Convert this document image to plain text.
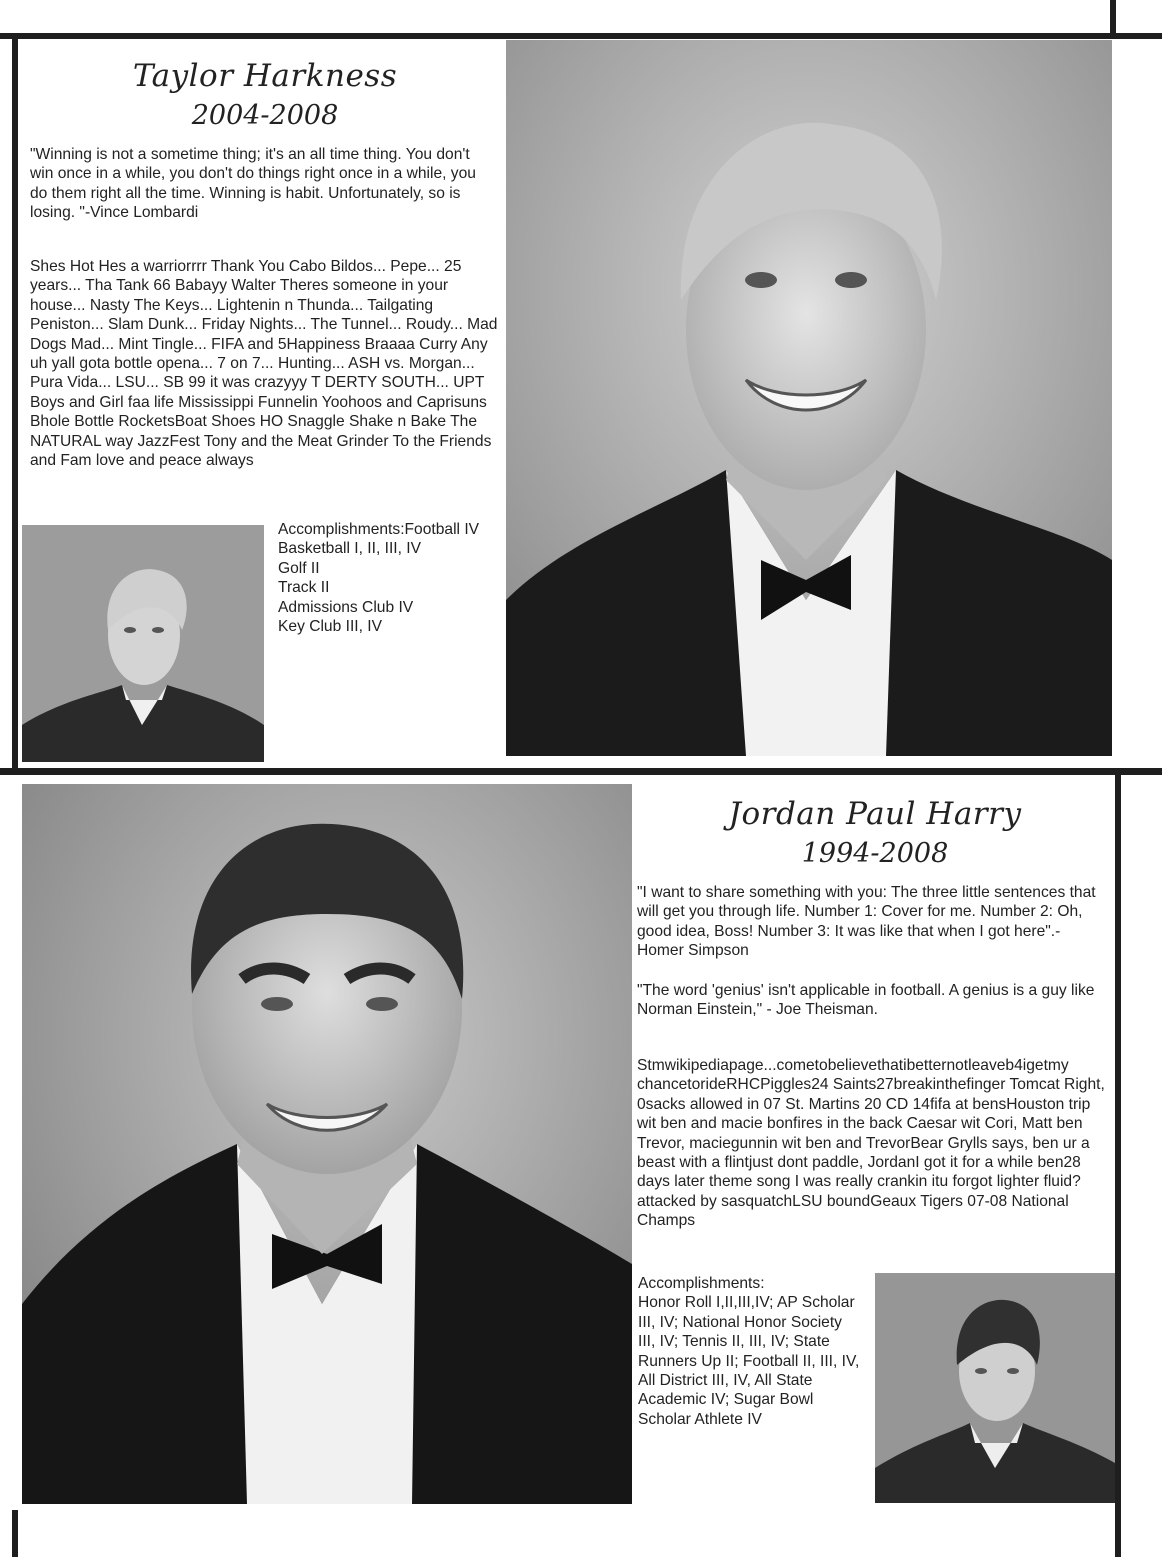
Taylor Harkness
2004-2008

"Winning is not a sometime thing; it's an all time thing. You don't win once in a while, you don't do things right once in a while, you do them right all the time. Winning is habit. Unfortunately, so is losing. "-Vince Lombardi

Shes Hot Hes a warriorrrr Thank You Cabo Bildos... Pepe... 25 years... Tha Tank 66 Babayy Walter Theres someone in your house... Nasty The Keys... Lightenin n Thunda... Tailgating Peniston... Slam Dunk... Friday Nights... The Tunnel... Roudy... Mad Dogs Mad... Mint Tingle... FIFA and 5Happiness Braaaa Curry Any uh yall gota bottle opena... 7 on 7... Hunting... ASH vs. Morgan... Pura Vida... LSU... SB 99 it was crazyyy T DERTY SOUTH... UPT Boys and Girl faa life Mississippi Funnelin Yoohoos and Caprisuns Bhole Bottle RocketsBoat Shoes HO Snaggle Shake n Bake The NATURAL way JazzFest Tony and the Meat Grinder To the Friends and Fam love and peace always

Accomplishments:Football IV
Basketball I, II, III, IV
Golf II
Track II
Admissions Club IV
Key Club III, IV
Jordan Paul Harry
1994-2008

"I want to share something with you: The three little sentences that will get you through life. Number 1: Cover for me. Number 2: Oh, good idea, Boss! Number 3: It was like that when I got here".- Homer Simpson

"The word 'genius' isn't applicable in football. A genius is a guy like Norman Einstein," - Joe Theisman.

Stmwikipediapage...cometobelievethatibetternotleaveb4igetmy chancetorideRHCPiggles24 Saints27breakinthefinger Tomcat Right, 0sacks allowed in 07 St. Martins 20 CD 14fifa at bensHouston trip wit ben and macie bonfires in the back Caesar wit Cori, Matt ben Trevor, maciegunnin wit ben and TrevorBear Grylls says, ben ur a beast with a flintjust dont paddle, JordanI got it for a while ben28 days later theme song I was really crankin itu forgot lighter fluid?attacked by sasquatchLSU boundGeaux Tigers 07-08 National Champs

Accomplishments:
Honor Roll I,II,III,IV; AP Scholar III, IV; National Honor Society III, IV; Tennis II, III, IV; State Runners Up II; Football II, III, IV, All District III, IV, All State Academic IV; Sugar Bowl Scholar Athlete IV
